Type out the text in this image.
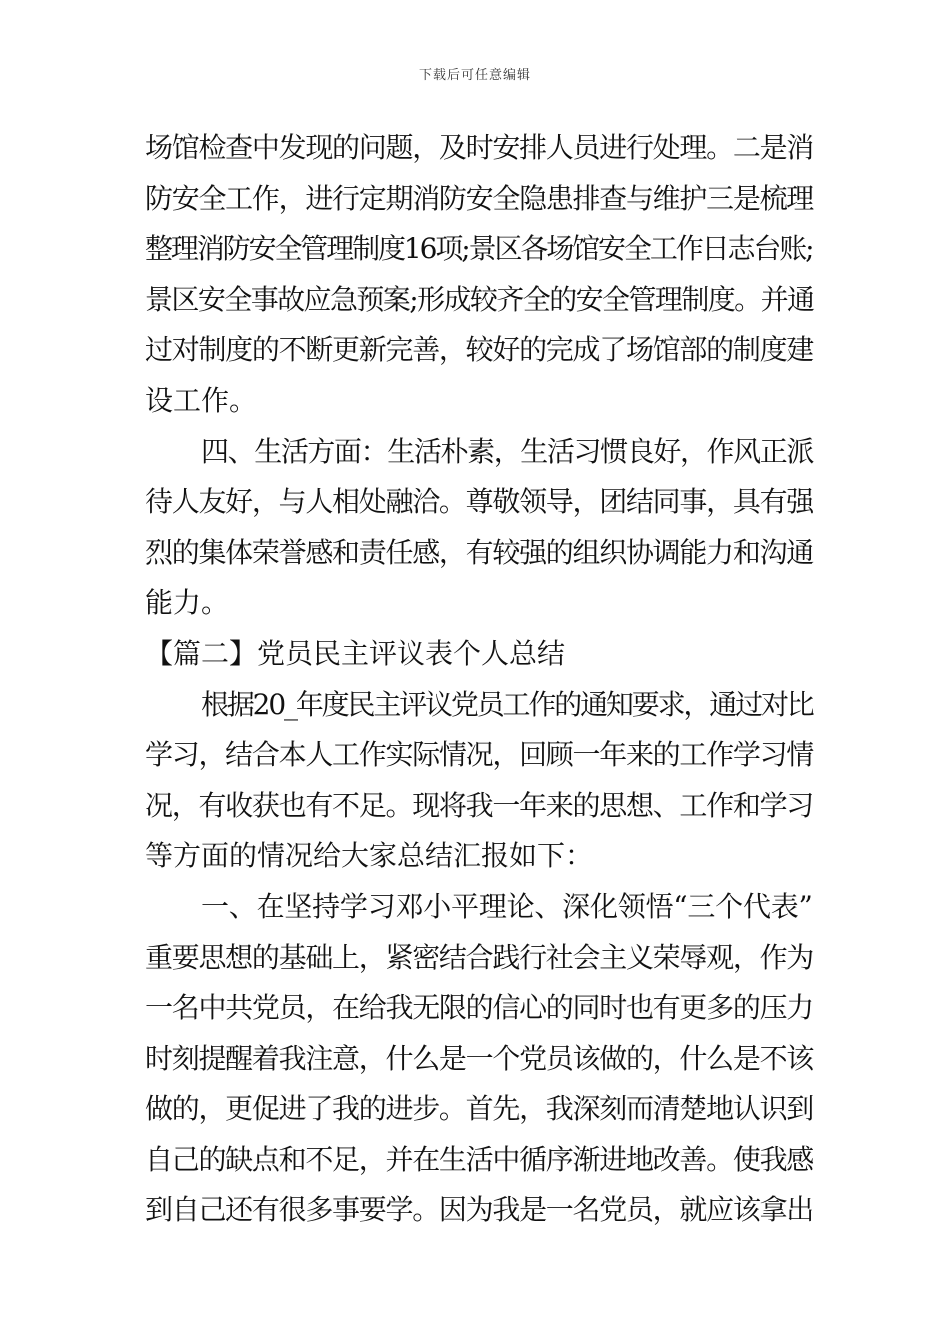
下载后可任意编辑
场馆检查中发现的问题，及时安排人员进行处理。二是消
防安全工作，进行定期消防安全隐患排查与维护三是梳理
整理消防安全管理制度16项;景区各场馆安全工作日志台账;
景区安全事故应急预案;形成较齐全的安全管理制度。并通
过对制度的不断更新完善，较好的完成了场馆部的制度建
设工作。
四、生活方面：生活朴素，生活习惯良好，作风正派
待人友好，与人相处融洽。尊敬领导，团结同事，具有强
烈的集体荣誉感和责任感，有较强的组织协调能力和沟通
能力。
【篇二】党员民主评议表个人总结
根据20_年度民主评议党员工作的通知要求，通过对比
学习，结合本人工作实际情况，回顾一年来的工作学习情
况，有收获也有不足。现将我一年来的思想、工作和学习
等方面的情况给大家总结汇报如下：
一、在坚持学习邓小平理论、深化领悟“三个代表”
重要思想的基础上，紧密结合践行社会主义荣辱观，作为
一名中共党员，在给我无限的信心的同时也有更多的压力
时刻提醒着我注意，什么是一个党员该做的，什么是不该
做的，更促进了我的进步。首先，我深刻而清楚地认识到
自己的缺点和不足，并在生活中循序渐进地改善。使我感
到自己还有很多事要学。因为我是一名党员，就应该拿出
